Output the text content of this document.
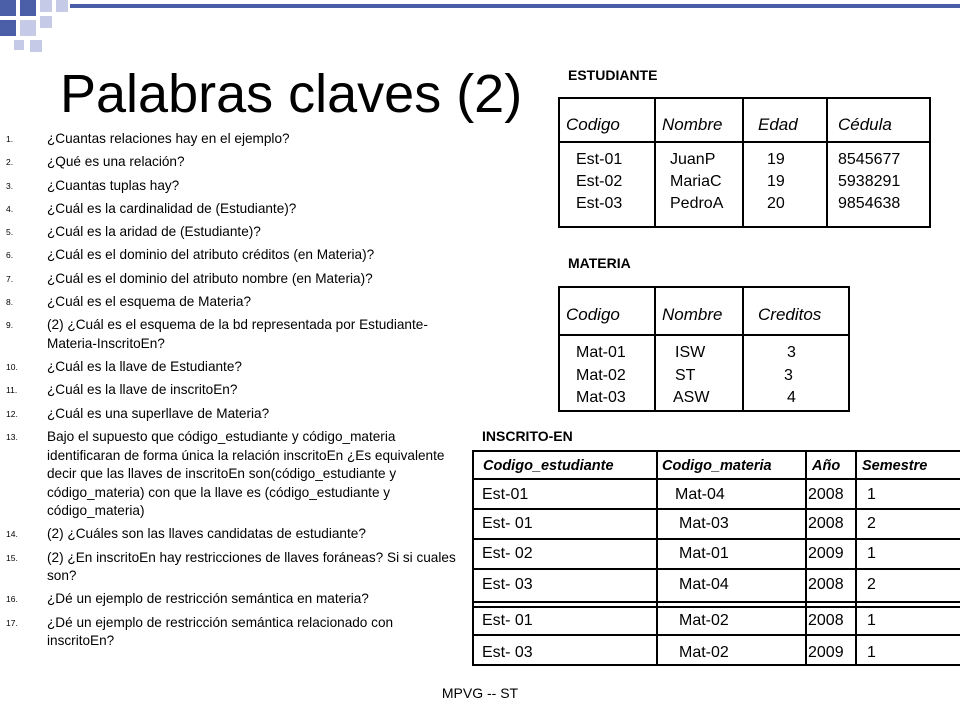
Palabras claves (2)
1. ¿Cuantas relaciones hay en el ejemplo?
2. ¿Qué es una relación?
3. ¿Cuantas tuplas hay?
4. ¿Cuál es la cardinalidad de (Estudiante)?
5. ¿Cuál es la aridad de (Estudiante)?
6. ¿Cuál es el dominio del atributo créditos (en Materia)?
7. ¿Cuál es el dominio del atributo nombre (en Materia)?
8. ¿Cuál es el esquema de Materia?
9. (2) ¿Cuál es el esquema de la bd representada por Estudiante-Materia-InscritoEn?
10. ¿Cuál es la llave de Estudiante?
11. ¿Cuál es la llave de inscritoEn?
12. ¿Cuál es una superllave de Materia?
13. Bajo el supuesto que código_estudiante y código_materia identificaran de forma única la relación inscritoEn ¿Es equivalente decir que las llaves de inscritoEn son(código_estudiante y código_materia) con que la llave es (código_estudiante y código_materia)
14. (2) ¿Cuáles son las llaves candidatas de estudiante?
15. (2) ¿En inscritoEn hay restricciones de llaves foráneas? Si si cuales son?
16. ¿Dé un ejemplo de restricción semántica en materia?
17. ¿Dé un ejemplo de restricción semántica relacionado con inscritoEn?
ESTUDIANTE
Codigo Nombre Edad Cédula
Est-01	JuanP	19	8545677
Est-02	MariaC	19	5938291
Est-03	PedroA	20	9854638
MATERIA
Codigo Nombre Creditos
Mat-01	ISW	3
Mat-02	ST	3
Mat-03	ASW	4
INSCRITO-EN
Codigo_estudiante	Codigo_materia	Año Semestre
Est-01	Mat-04	2008 1
Est- 01	Mat-03	2008 2
Est- 02	Mat-01	2009 1
Est- 03	Mat-04	2008 2
Est- 01	Mat-02	2008 1
Est- 03	Mat-02	2009 1
MPVG -- ST
